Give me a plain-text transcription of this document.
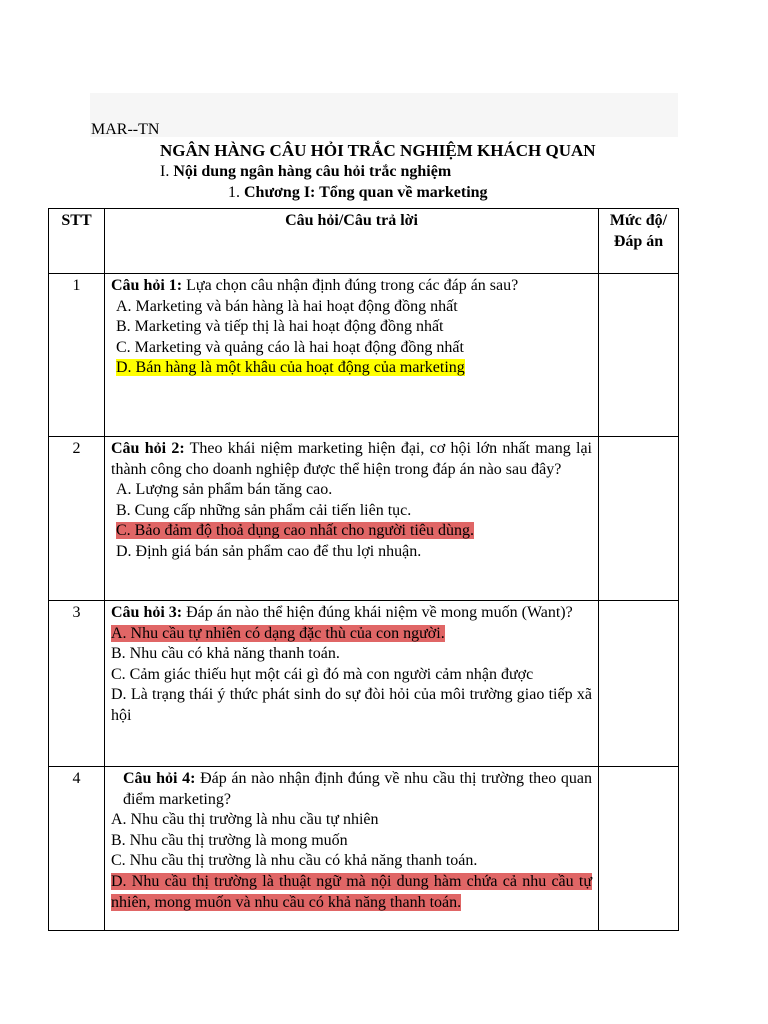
MAR--TN
NGÂN HÀNG CÂU HỎI TRẮC NGHIỆM KHÁCH QUAN
I. Nội dung ngân hàng câu hỏi trắc nghiệm
1. Chương I: Tổng quan về marketing
STT	Câu hỏi/Câu trả lời	Mức độ/Đáp án
1	Câu hỏi 1: Lựa chọn câu nhận định đúng trong các đáp án sau?
A. Marketing và bán hàng là hai hoạt động đồng nhất
B. Marketing và tiếp thị là hai hoạt động đồng nhất
C. Marketing và quảng cáo là hai hoạt động đồng nhất
D. Bán hàng là một khâu của hoạt động của marketing	

2	Câu hỏi 2: Theo khái niệm marketing hiện đại, cơ hội lớn nhất mang lại thành công cho doanh nghiệp được thể hiện trong đáp án nào sau đây?
A. Lượng sản phẩm bán tăng cao.
B. Cung cấp những sản phẩm cải tiến liên tục.
C. Bảo đảm độ thoả dụng cao nhất cho người tiêu dùng.
D. Định giá bán sản phẩm cao để thu lợi nhuận.	

3	Câu hỏi 3: Đáp án nào thể hiện đúng khái niệm về mong muốn (Want)?
A. Nhu cầu tự nhiên có dạng đặc thù của con người.
B. Nhu cầu có khả năng thanh toán.
C. Cảm giác thiếu hụt một cái gì đó mà con người cảm nhận được
D. Là trạng thái ý thức phát sinh do sự đòi hỏi của môi trường giao tiếp xã hội	

4	Câu hỏi 4: Đáp án nào nhận định đúng về nhu cầu thị trường theo quan điểm marketing?
A. Nhu cầu thị trường là nhu cầu tự nhiên
B. Nhu cầu thị trường là mong muốn
C. Nhu cầu thị trường là nhu cầu có khả năng thanh toán.
D. Nhu cầu thị trường là thuật ngữ mà nội dung hàm chứa cả nhu cầu tự nhiên, mong muốn và nhu cầu có khả năng thanh toán.	
